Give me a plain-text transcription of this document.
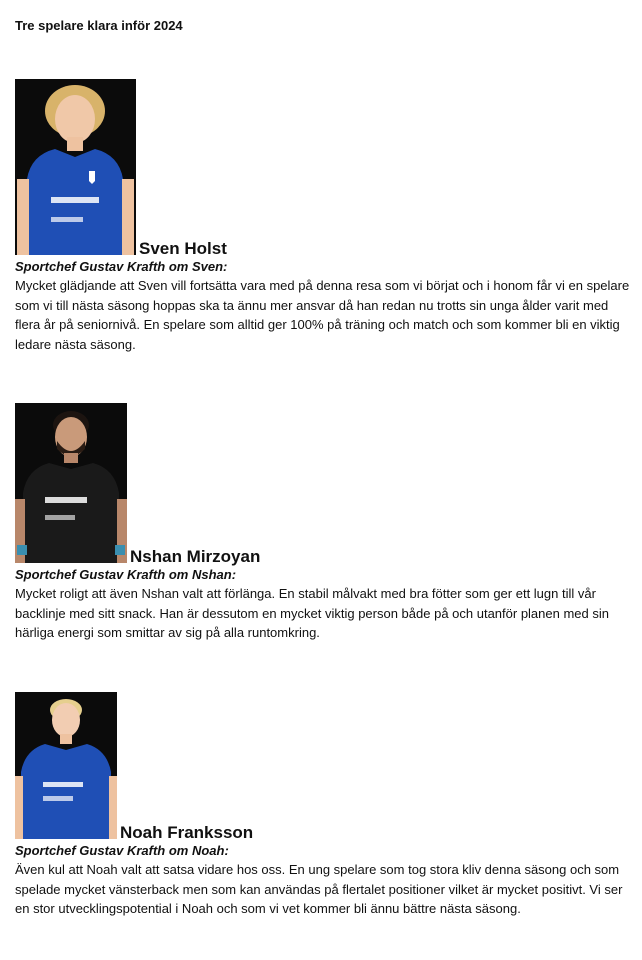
Tre spelare klara inför 2024
Sven Holst
Sportchef Gustav Krafth om Sven:
Mycket glädjande att Sven vill fortsätta vara med på denna resa som vi börjat och i honom får vi en spelare som vi till nästa säsong hoppas ska ta ännu mer ansvar då han redan nu trotts sin unga ålder varit med flera år på seniornivå. En spelare som alltid ger 100% på träning och match och som kommer bli en viktig ledare nästa säsong.
Nshan Mirzoyan
Sportchef Gustav Krafth om Nshan:
Mycket roligt att även Nshan valt att förlänga. En stabil målvakt med bra fötter som ger ett lugn till vår backlinje med sitt snack. Han är dessutom en mycket viktig person både på och utanför planen med sin härliga energi som smittar av sig på alla runtomkring.
Noah Franksson
Sportchef Gustav Krafth om Noah:
Även kul att Noah valt att satsa vidare hos oss. En ung spelare som tog stora kliv denna säsong och som spelade mycket vänsterback men som kan användas på flertalet positioner vilket är mycket positivt. Vi ser en stor utvecklingspotential i Noah och som vi vet kommer bli ännu bättre nästa säsong.
